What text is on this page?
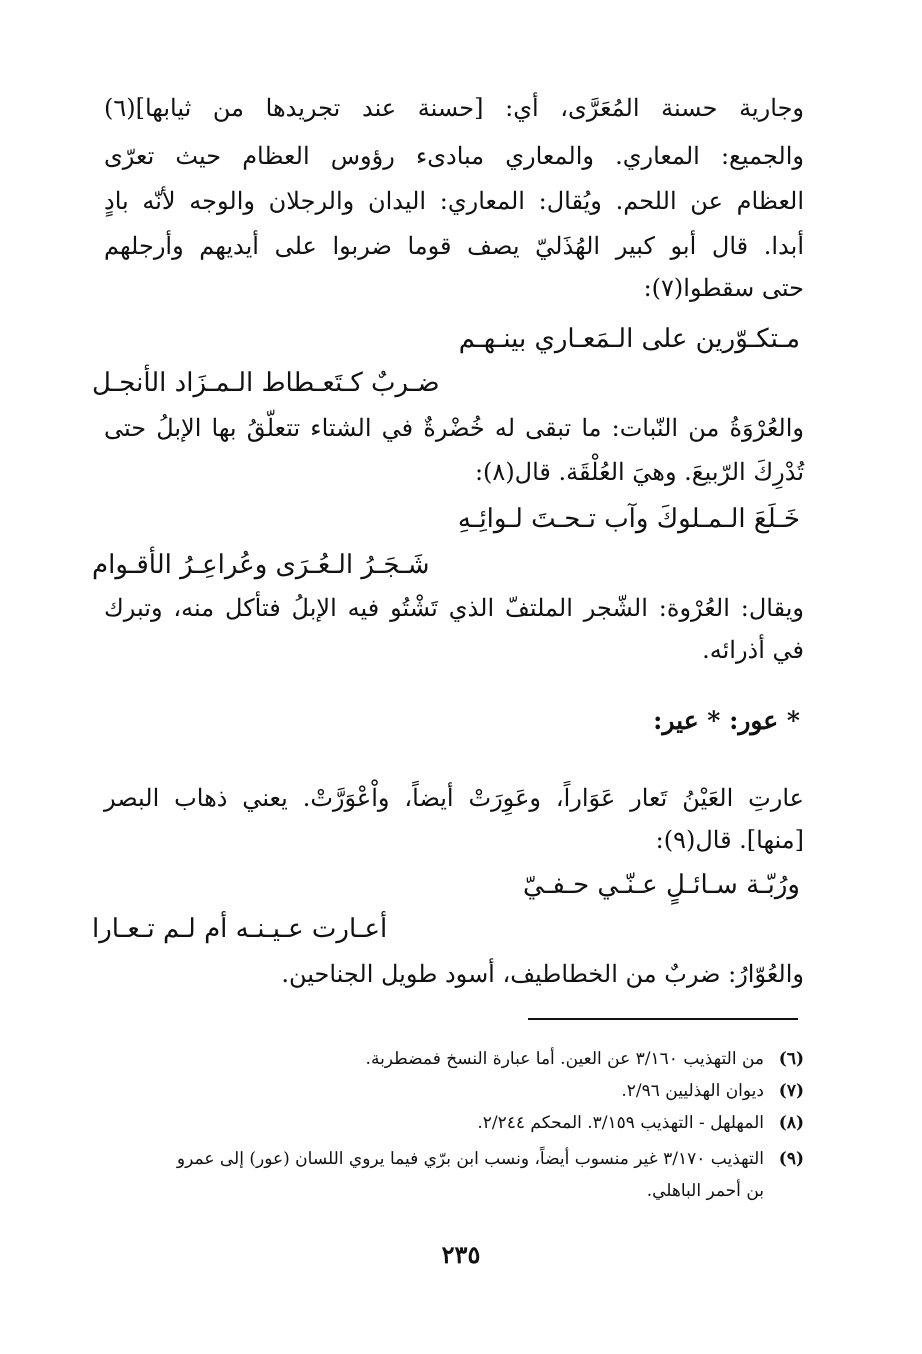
وجارية حسنة المُعَرَّى، أي: [حسنة عند تجريدها من ثيابها](٦)
والجميع: المعاري. والمعاري مبادىء رؤوس العظام حيث تعرّى
العظام عن اللحم. ويُقال: المعاري: اليدان والرجلان والوجه لأنّه بادٍ
أبدا. قال أبو كبير الهُذَليّ يصف قوما ضربوا على أيديهم وأرجلهم
حتى سقطوا(٧):
مـتكـوّرين على الـمَعـاري بينـهـم
ضـربٌ كـتَعـطاط الـمـزَاد الأنجـل
والعُرْوَةُ من النّبات: ما تبقى له خُضْرةٌ في الشتاء تتعلّقُ بها الإبلُ حتى
تُدْرِكَ الرّبيعَ. وهيَ العُلْقَة. قال(٨):
خَـلَعَ الـمـلوكَ وآب تـحـتَ لـوائِـهِ
شَـجَـرُ الـعُـرَى وعُراعِـرُ الأقـوام
ويقال: العُرْوة: الشّجر الملتفّ الذي تَشْتُو فيه الإبلُ فتأكل منه، وتبرك
في أذرائه.
* عور: * عير:
عارتِ العَيْنُ تَعار عَوَاراً، وعَوِرَتْ أيضاً، واْعْوَرَّتْ. يعني ذهاب البصر
[منها]. قال(٩):
ورُبّـة سـائـلٍ عـنّـي حـفـيّ
أعـارت عـيـنـه أم لـم تـعـارا
والعُوّارُ: ضربٌ من الخطاطيف، أسود طويل الجناحين.
(٦)من التهذيب ٣/١٦٠ عن العين. أما عبارة النسخ فمضطربة.
(٧)ديوان الهذليين ٢/٩٦.
(٨)المهلهل - التهذيب ٣/١٥٩. المحكم ٢/٢٤٤.
(٩)التهذيب ٣/١٧٠ غير منسوب أيضاً، ونسب ابن برّي فيما يروي اللسان (عور) إلى عمرو
بن أحمر الباهلي.
٢٣٥
